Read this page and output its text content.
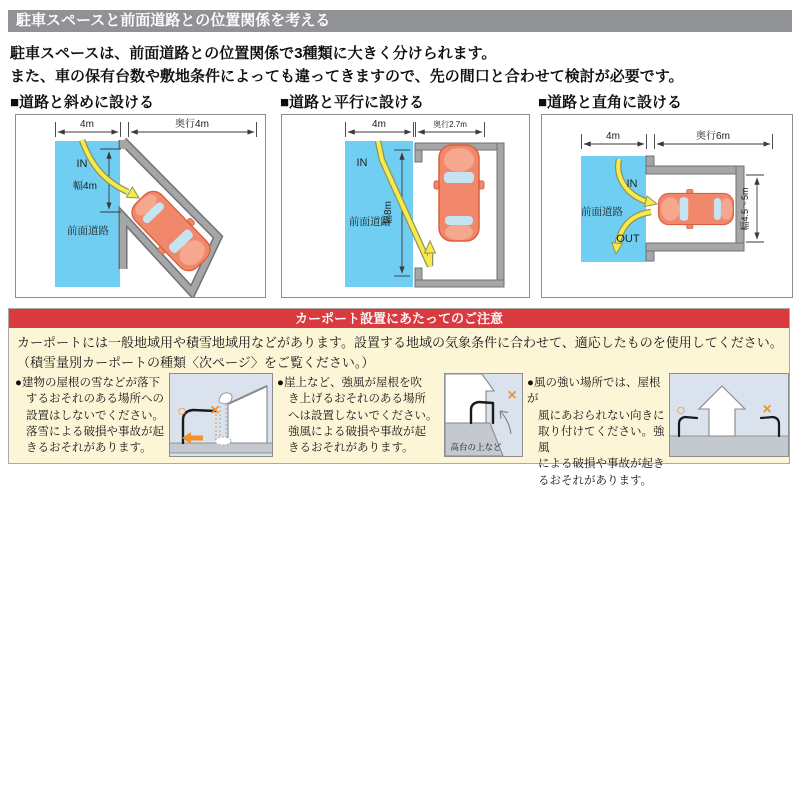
駐車スペースと前面道路との位置関係を考える
駐車スペースは、前面道路との位置関係で3種類に大きく分けられます。
また、車の保有台数や敷地条件によっても違ってきますので、先の間口と合わせて検討が必要です。
■道路と斜めに設ける	■道路と平行に設ける	■道路と直角に設ける
4m	奥行4m
幅4m
IN
前面道路
4m	奥行2.7m
幅8m
IN
前面道路
4m	奥行6m
幅4.5～5m
IN
OUT
前面道路
カーポート設置にあたってのご注意
カーポートには一般地域用や積雪地域用などがあります。設置する地域の気象条件に合わせて、適応したものを使用してください。
（積雪量別カーポートの種類〈次ページ〉をご覧ください。）
●建物の屋根の雪などが落下
するおそれのある場所への
設置はしないでください。
落雪による破損や事故が起
きるおそれがあります。
○ ×
●崖上など、強風が屋根を吹
き上げるおそれのある場所
へは設置しないでください。
強風による破損や事故が起
きるおそれがあります。
×
高台の上など
●風の強い場所では、屋根が
風にあおられない向きに
取り付けてください。強風
による破損や事故が起き
るおそれがあります。
○	×
